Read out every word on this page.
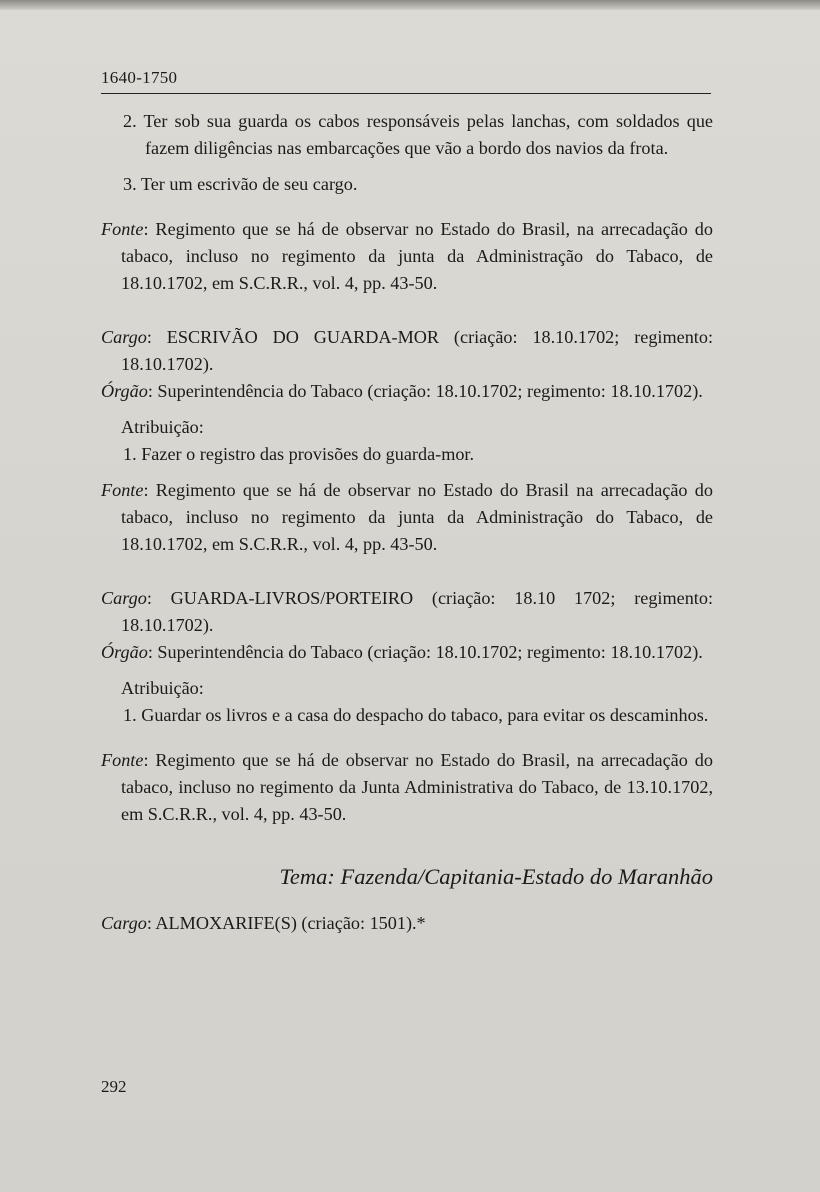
1640-1750

2. Ter sob sua guarda os cabos responsáveis pelas lanchas, com soldados que fazem diligências nas embarcações que vão a bordo dos navios da frota.

3. Ter um escrivão de seu cargo.

Fonte: Regimento que se há de observar no Estado do Brasil, na arrecadação do tabaco, incluso no regimento da junta da Administração do Tabaco, de 18.10.1702, em S.C.R.R., vol. 4, pp. 43-50.

Cargo: ESCRIVÃO DO GUARDA-MOR (criação: 18.10.1702; regimento: 18.10.1702).

Órgão: Superintendência do Tabaco (criação: 18.10.1702; regimento: 18.10.1702).

Atribuição:

1. Fazer o registro das provisões do guarda-mor.

Fonte: Regimento que se há de observar no Estado do Brasil na arrecadação do tabaco, incluso no regimento da junta da Administração do Tabaco, de 18.10.1702, em S.C.R.R., vol. 4, pp. 43-50.

Cargo: GUARDA-LIVROS/PORTEIRO (criação: 18.10 1702; regimento: 18.10.1702).

Órgão: Superintendência do Tabaco (criação: 18.10.1702; regimento: 18.10.1702).

Atribuição:

1. Guardar os livros e a casa do despacho do tabaco, para evitar os descaminhos.

Fonte: Regimento que se há de observar no Estado do Brasil, na arrecadação do tabaco, incluso no regimento da Junta Administrativa do Tabaco, de 13.10.1702, em S.C.R.R., vol. 4, pp. 43-50.

Tema: Fazenda/Capitania-Estado do Maranhão

Cargo: ALMOXARIFE(S) (criação: 1501).*

292
